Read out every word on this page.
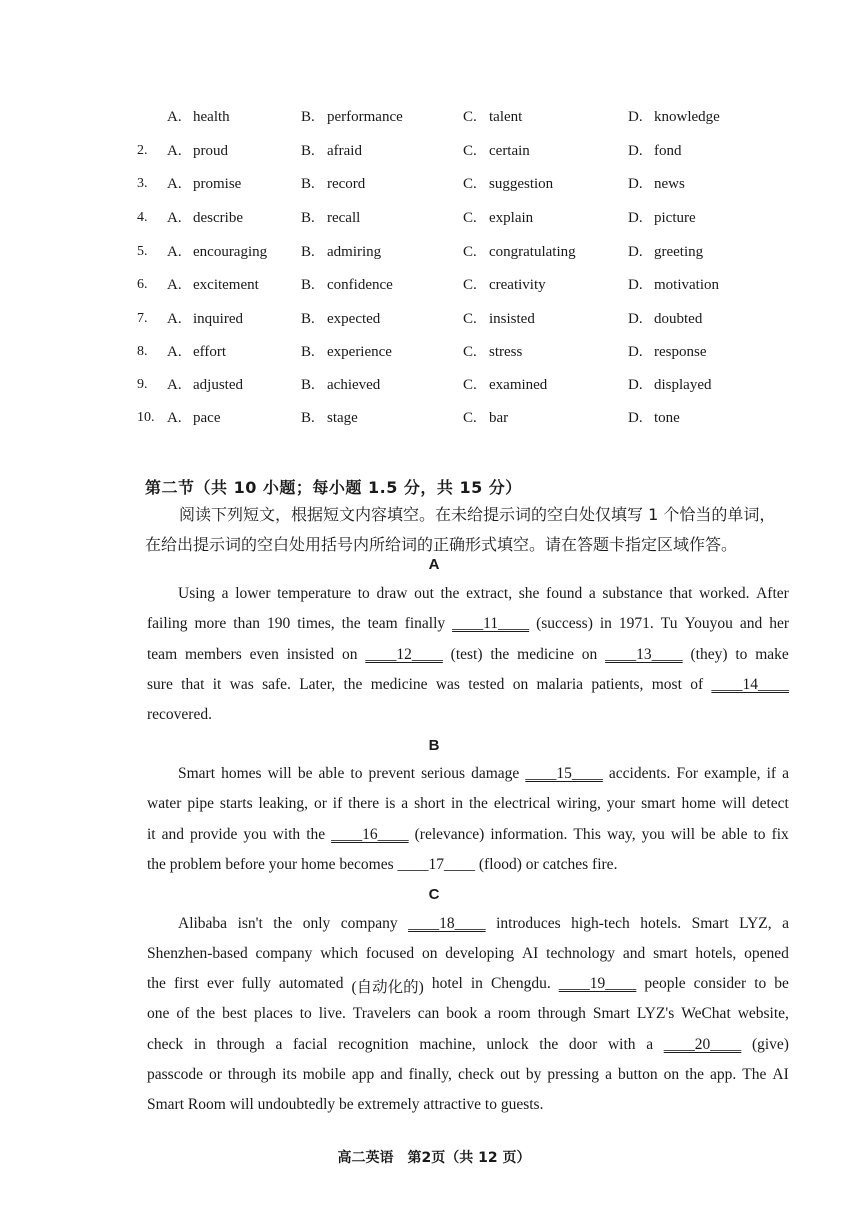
A. health	B. performance	C. talent	D. knowledge
2.	A. proud	B. afraid	C. certain	D. fond
3.	A. promise	B. record	C. suggestion	D. news
4.	A. describe	B. recall	C. explain	D. picture
5.	A. encouraging B. admiring	C. congratulating	D. greeting
6.	A. excitement	B. confidence	C. creativity	D. motivation
7.	A. inquired	B. expected	C. insisted	D. doubted
8.	A. effort	B. experience	C. stress	D. response
9.	A. adjusted	B. achieved	C. examined	D. displayed
10. A. pace	B. stage	C. bar	D. tone
第二节（共 10 小题；每小题 1.5 分，共 15 分）
阅读下列短文，根据短文内容填空。在未给提示词的空白处仅填写 1 个恰当的单词，
在给出提示词的空白处用括号内所给词的正确形式填空。请在答题卡指定区域作答。
A
Using a lower temperature to draw out the extract, she found a substance that worked. After
failing more than 190 times, the team finally ____11____ (success) in 1971. Tu Youyou and her
team members even insisted on ____12____ (test) the medicine on ____13____ (they) to make
sure that it was safe. Later, the medicine was tested on malaria patients, most of ____14____
recovered.
B
Smart homes will be able to prevent serious damage ____15____ accidents. For example, if a
water pipe starts leaking, or if there is a short in the electrical wiring, your smart home will detect
it and provide you with the ____16____ (relevance) information. This way, you will be able to fix
the problem before your home becomes ____17____ (flood) or catches fire.
C
Alibaba isn't the only company ____18____ introduces high-tech hotels. Smart LYZ, a
Shenzhen-based company which focused on developing AI technology and smart hotels, opened
the first ever fully automated (自动化的) hotel in Chengdu. ____19____ people consider to be
one of the best places to live. Travelers can book a room through Smart LYZ's WeChat website,
check in through a facial recognition machine, unlock the door with a ____20____ (give)
passcode or through its mobile app and finally, check out by pressing a button on the app. The AI
Smart Room will undoubtedly be extremely attractive to guests.
高二英语　第2页（共 12 页）
